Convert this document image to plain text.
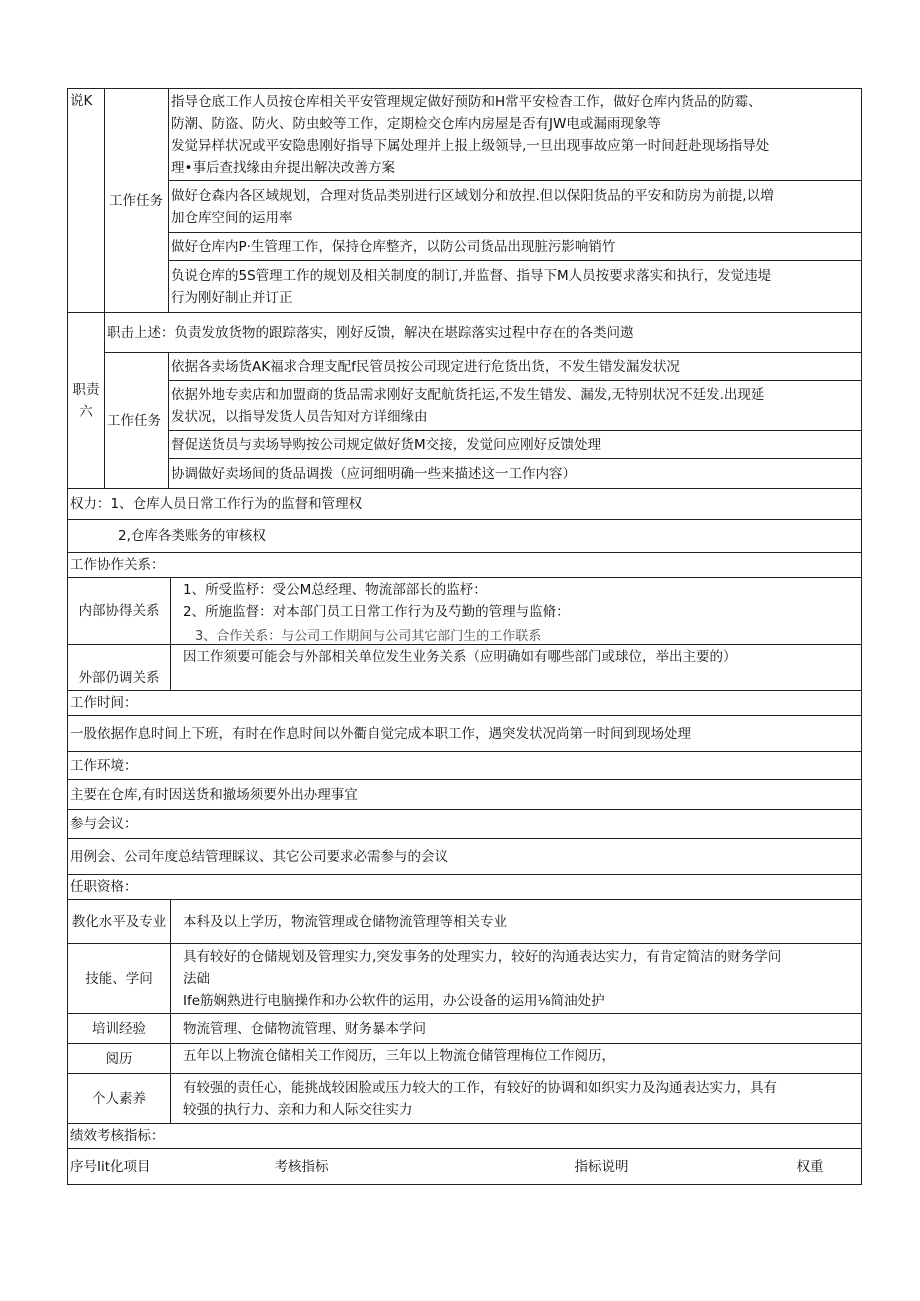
说K	工作任务	指导仓底工作人员按仓库相关平安管理规定做好预防和H常平安检杳工作，做好仓库内货品的防霉、

防潮、防盗、防火、防虫蛟等工作，定期检交仓库内房屋是否有JW电或漏雨现象等

发觉异样状况或平安隐患刚好指导下属处理并上报上级领导,一旦出现事故应第一时间赶赴现场指导处

理•事后查找缘由弁提出解决改善方案				

		做好仓森内各区域规划，合理对货品类别进行区域划分和放捏.但以保阳货品的平安和防房为前提,以増

加仓库空间的运用率				

		做好仓库内P·生管理工作，保持仓库整齐，以防公司货品出现脏污影响销竹				

		负说仓库的5S管理工作的规划及相关制度的制订,并监督、指导下M人员按要求落实和执行，发觉违堤

行为刚好制止并订正				

职责六	职击上述：负责发放货物的跟踪落实，刚好反馈，解决在堪踪落实过程中存在的各类问遨					
	工作任务	依据各卖场货AK福求合理支配f民管员按公司现定进行危货出货，不发生错发漏发状况				

		依据外地专卖店和加盟商的货品需求刚好支配航货托运,不发生错发、漏发,无特别状况不廷发.出现延

发状况，以指导发货人员告知对方详细缘由				

		督促送货员与卖场导购按公司规定做好货M交接，发觉问应刚好反馈处理				

		协调做好卖场间的货品调拨（应诃细明确一些来描述这一工作内容）				

权力：1、仓库人员日常工作行为的监督和管理权						
2,仓库各类账务的审核权						
工作协作关系：						
内部协得关系			1、所受监杼：受公M总经理、物流部部长的监杼：

2、所施监督：对本部门员工日常工作行为及芍勤的管理与监脩：

3、合作关系：与公司工作期间与公司其它部门生的工作联系			

外部仍调关系			因工作须要可能会与外部相关单位发生业务关系（应明确如有哪些部门或球位，举出主要的）			
工作时间：						
一股依据作息时间上下班，有时在作息时间以外衢自觉完成本职工作，遇突发状况尚第一时间到现场处理						
工作环境：						
主要在仓库,有时因送货和撤场须要外出办理事宜						
参与会议：						
用例会、公司年度总结管理睬议、其它公司要求必需参与的会议						
任职资格：						
教化水平及专业			本科及以上学历，物流管理或仓储物流管理等相关专业			

技能、学问			具有较好的仓储规划及管理实力,突发事务的处理实力，较好的沟通表达实力，有肯定简洁的财务学问

法础

Ife筋娴熟进行电脑操作和办公软件的运用，办公设备的运用⅛简油处护			

培训经验			物流管理、仓储物流管理、财务暴本学问			

阅历			五年以上物流仓储相关工作阅历，三年以上物流仓储管理梅位工作阅历，			

个人素养			有较强的责任心，能挑战较困脸或压力较大的工作，有较好的协调和如织实力及沟通表达实力，具有

较强的执行力、亲和力和人际交往实力			

绩效考核指标：						
序号Iit化项目				考核指标	指标说明	权重
